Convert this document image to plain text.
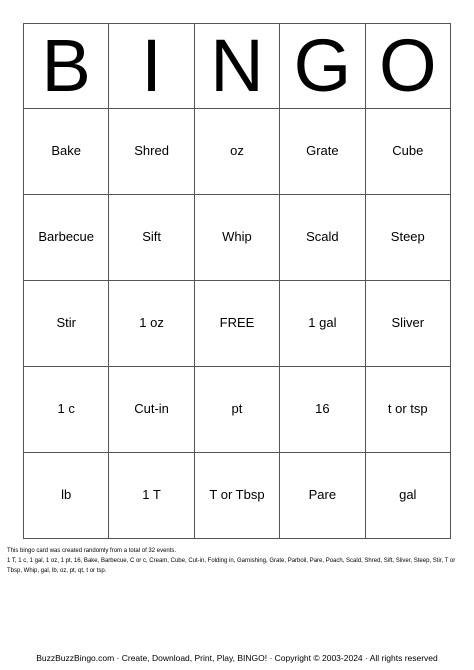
B	I	N	G	O
Bake	Shred	oz	Grate	Cube
Barbecue	Sift	Whip	Scald	Steep
Stir	1 oz	FREE	1 gal	Sliver
1 c	Cut-in	pt	16	t or tsp
lb	1 T	T or Tbsp	Pare	gal
This bingo card was created randomly from a total of 32 events.
1 T, 1 c, 1 gal, 1 oz, 1 pt, 16, Bake, Barbecue, C or c, Cream, Cube, Cut-in, Folding in, Garnishing, Grate, Parboil, Pare, Poach, Scald, Shred, Sift, Sliver, Steep, Stir, T or Tbsp, Whip, gal, lb, oz, pt, qt, t or tsp.
BuzzBuzzBingo.com · Create, Download, Print, Play, BINGO! · Copyright © 2003-2024 · All rights reserved
